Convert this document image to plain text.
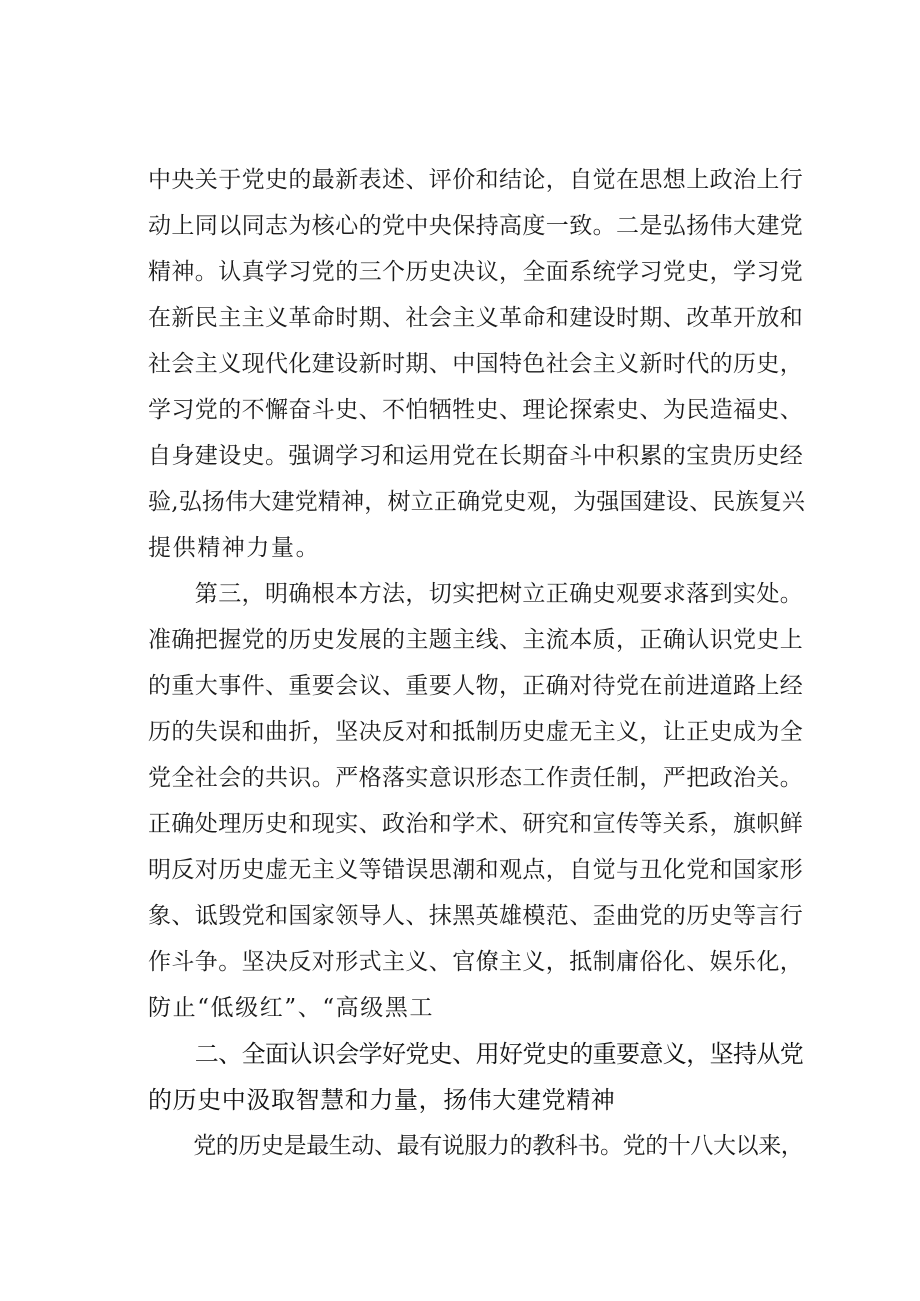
中央关于党史的最新表述、评价和结论，自觉在思想上政治上行
动上同以同志为核心的党中央保持高度一致。二是弘扬伟大建党
精神。认真学习党的三个历史决议，全面系统学习党史，学习党
在新民主主义革命时期、社会主义革命和建设时期、改革开放和
社会主义现代化建设新时期、中国特色社会主义新时代的历史，
学习党的不懈奋斗史、不怕牺牲史、理论探索史、为民造福史、
自身建设史。强调学习和运用党在长期奋斗中积累的宝贵历史经
验,弘扬伟大建党精神，树立正确党史观，为强国建设、民族复兴
提供精神力量。
　　第三，明确根本方法，切实把树立正确史观要求落到实处。
准确把握党的历史发展的主题主线、主流本质，正确认识党史上
的重大事件、重要会议、重要人物，正确对待党在前进道路上经
历的失误和曲折，坚决反对和抵制历史虚无主义，让正史成为全
党全社会的共识。严格落实意识形态工作责任制，严把政治关。
正确处理历史和现实、政治和学术、研究和宣传等关系，旗帜鲜
明反对历史虚无主义等错误思潮和观点，自觉与丑化党和国家形
象、诋毁党和国家领导人、抹黑英雄模范、歪曲党的历史等言行
作斗争。坚决反对形式主义、官僚主义，抵制庸俗化、娱乐化，
防止“低级红”、“高级黑工
　　二、全面认识会学好党史、用好党史的重要意义，坚持从党
的历史中汲取智慧和力量，扬伟大建党精神
　　党的历史是最生动、最有说服力的教科书。党的十八大以来，
